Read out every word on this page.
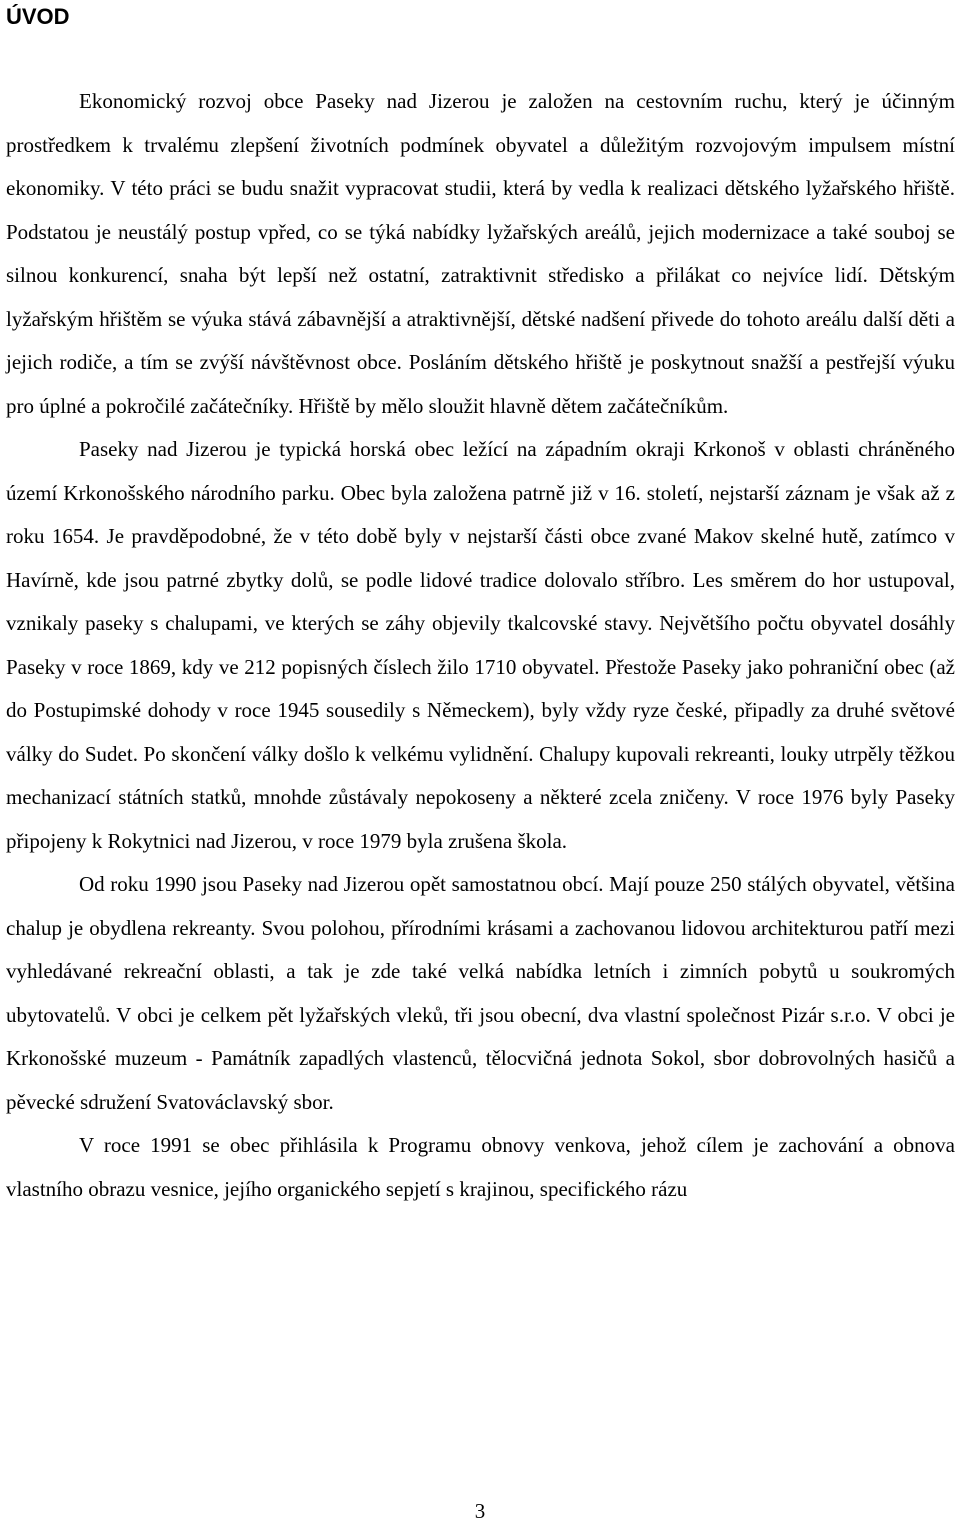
ÚVOD

Ekonomický rozvoj obce Paseky nad Jizerou je založen na cestovním ruchu, který je účinným prostředkem k trvalému zlepšení životních podmínek obyvatel a důležitým rozvojovým impulsem místní ekonomiky. V této práci se budu snažit vypracovat studii, která by vedla k realizaci dětského lyžařského hřiště. Podstatou je neustálý postup vpřed, co se týká nabídky lyžařských areálů, jejich modernizace a také souboj se silnou konkurencí, snaha být lepší než ostatní, zatraktivnit středisko a přilákat co nejvíce lidí. Dětským lyžařským hřištěm se výuka stává zábavnější a atraktivnější, dětské nadšení přivede do tohoto areálu další děti a jejich rodiče, a tím se zvýší návštěvnost obce. Posláním dětského hřiště je poskytnout snažší a pestřejší výuku pro úplné a pokročilé začátečníky. Hřiště by mělo sloužit hlavně dětem začátečníkům.

Paseky nad Jizerou je typická horská obec ležící na západním okraji Krkonoš v oblasti chráněného území Krkonošského národního parku. Obec byla založena patrně již v 16. století, nejstarší záznam je však až z roku 1654. Je pravděpodobné, že v této době byly v nejstarší části obce zvané Makov skelné hutě, zatímco v Havírně, kde jsou patrné zbytky dolů, se podle lidové tradice dolovalo stříbro. Les směrem do hor ustupoval, vznikaly paseky s chalupami, ve kterých se záhy objevily tkalcovské stavy. Největšího počtu obyvatel dosáhly Paseky v roce 1869, kdy ve 212 popisných číslech žilo 1710 obyvatel. Přestože Paseky jako pohraniční obec (až do Postupimské dohody v roce 1945 sousedily s Německem), byly vždy ryze české, připadly za druhé světové války do Sudet. Po skončení války došlo k velkému vylidnění. Chalupy kupovali rekreanti, louky utrpěly těžkou mechanizací státních statků, mnohde zůstávaly nepokoseny a některé zcela zničeny. V roce 1976 byly Paseky připojeny k Rokytnici nad Jizerou, v roce 1979 byla zrušena škola.

Od roku 1990 jsou Paseky nad Jizerou opět samostatnou obcí. Mají pouze 250 stálých obyvatel, většina chalup je obydlena rekreanty. Svou polohou, přírodními krásami a zachovanou lidovou architekturou patří mezi vyhledávané rekreační oblasti, a tak je zde také velká nabídka letních i zimních pobytů u soukromých ubytovatelů. V obci je celkem pět lyžařských vleků, tři jsou obecní, dva vlastní společnost Pizár s.r.o. V obci je Krkonošské muzeum - Památník zapadlých vlastenců, tělocvičná jednota Sokol, sbor dobrovolných hasičů a pěvecké sdružení Svatováclavský sbor.

V roce 1991 se obec přihlásila k Programu obnovy venkova, jehož cílem je zachování a obnova vlastního obrazu vesnice, jejího organického sepjetí s krajinou, specifického rázu

3
